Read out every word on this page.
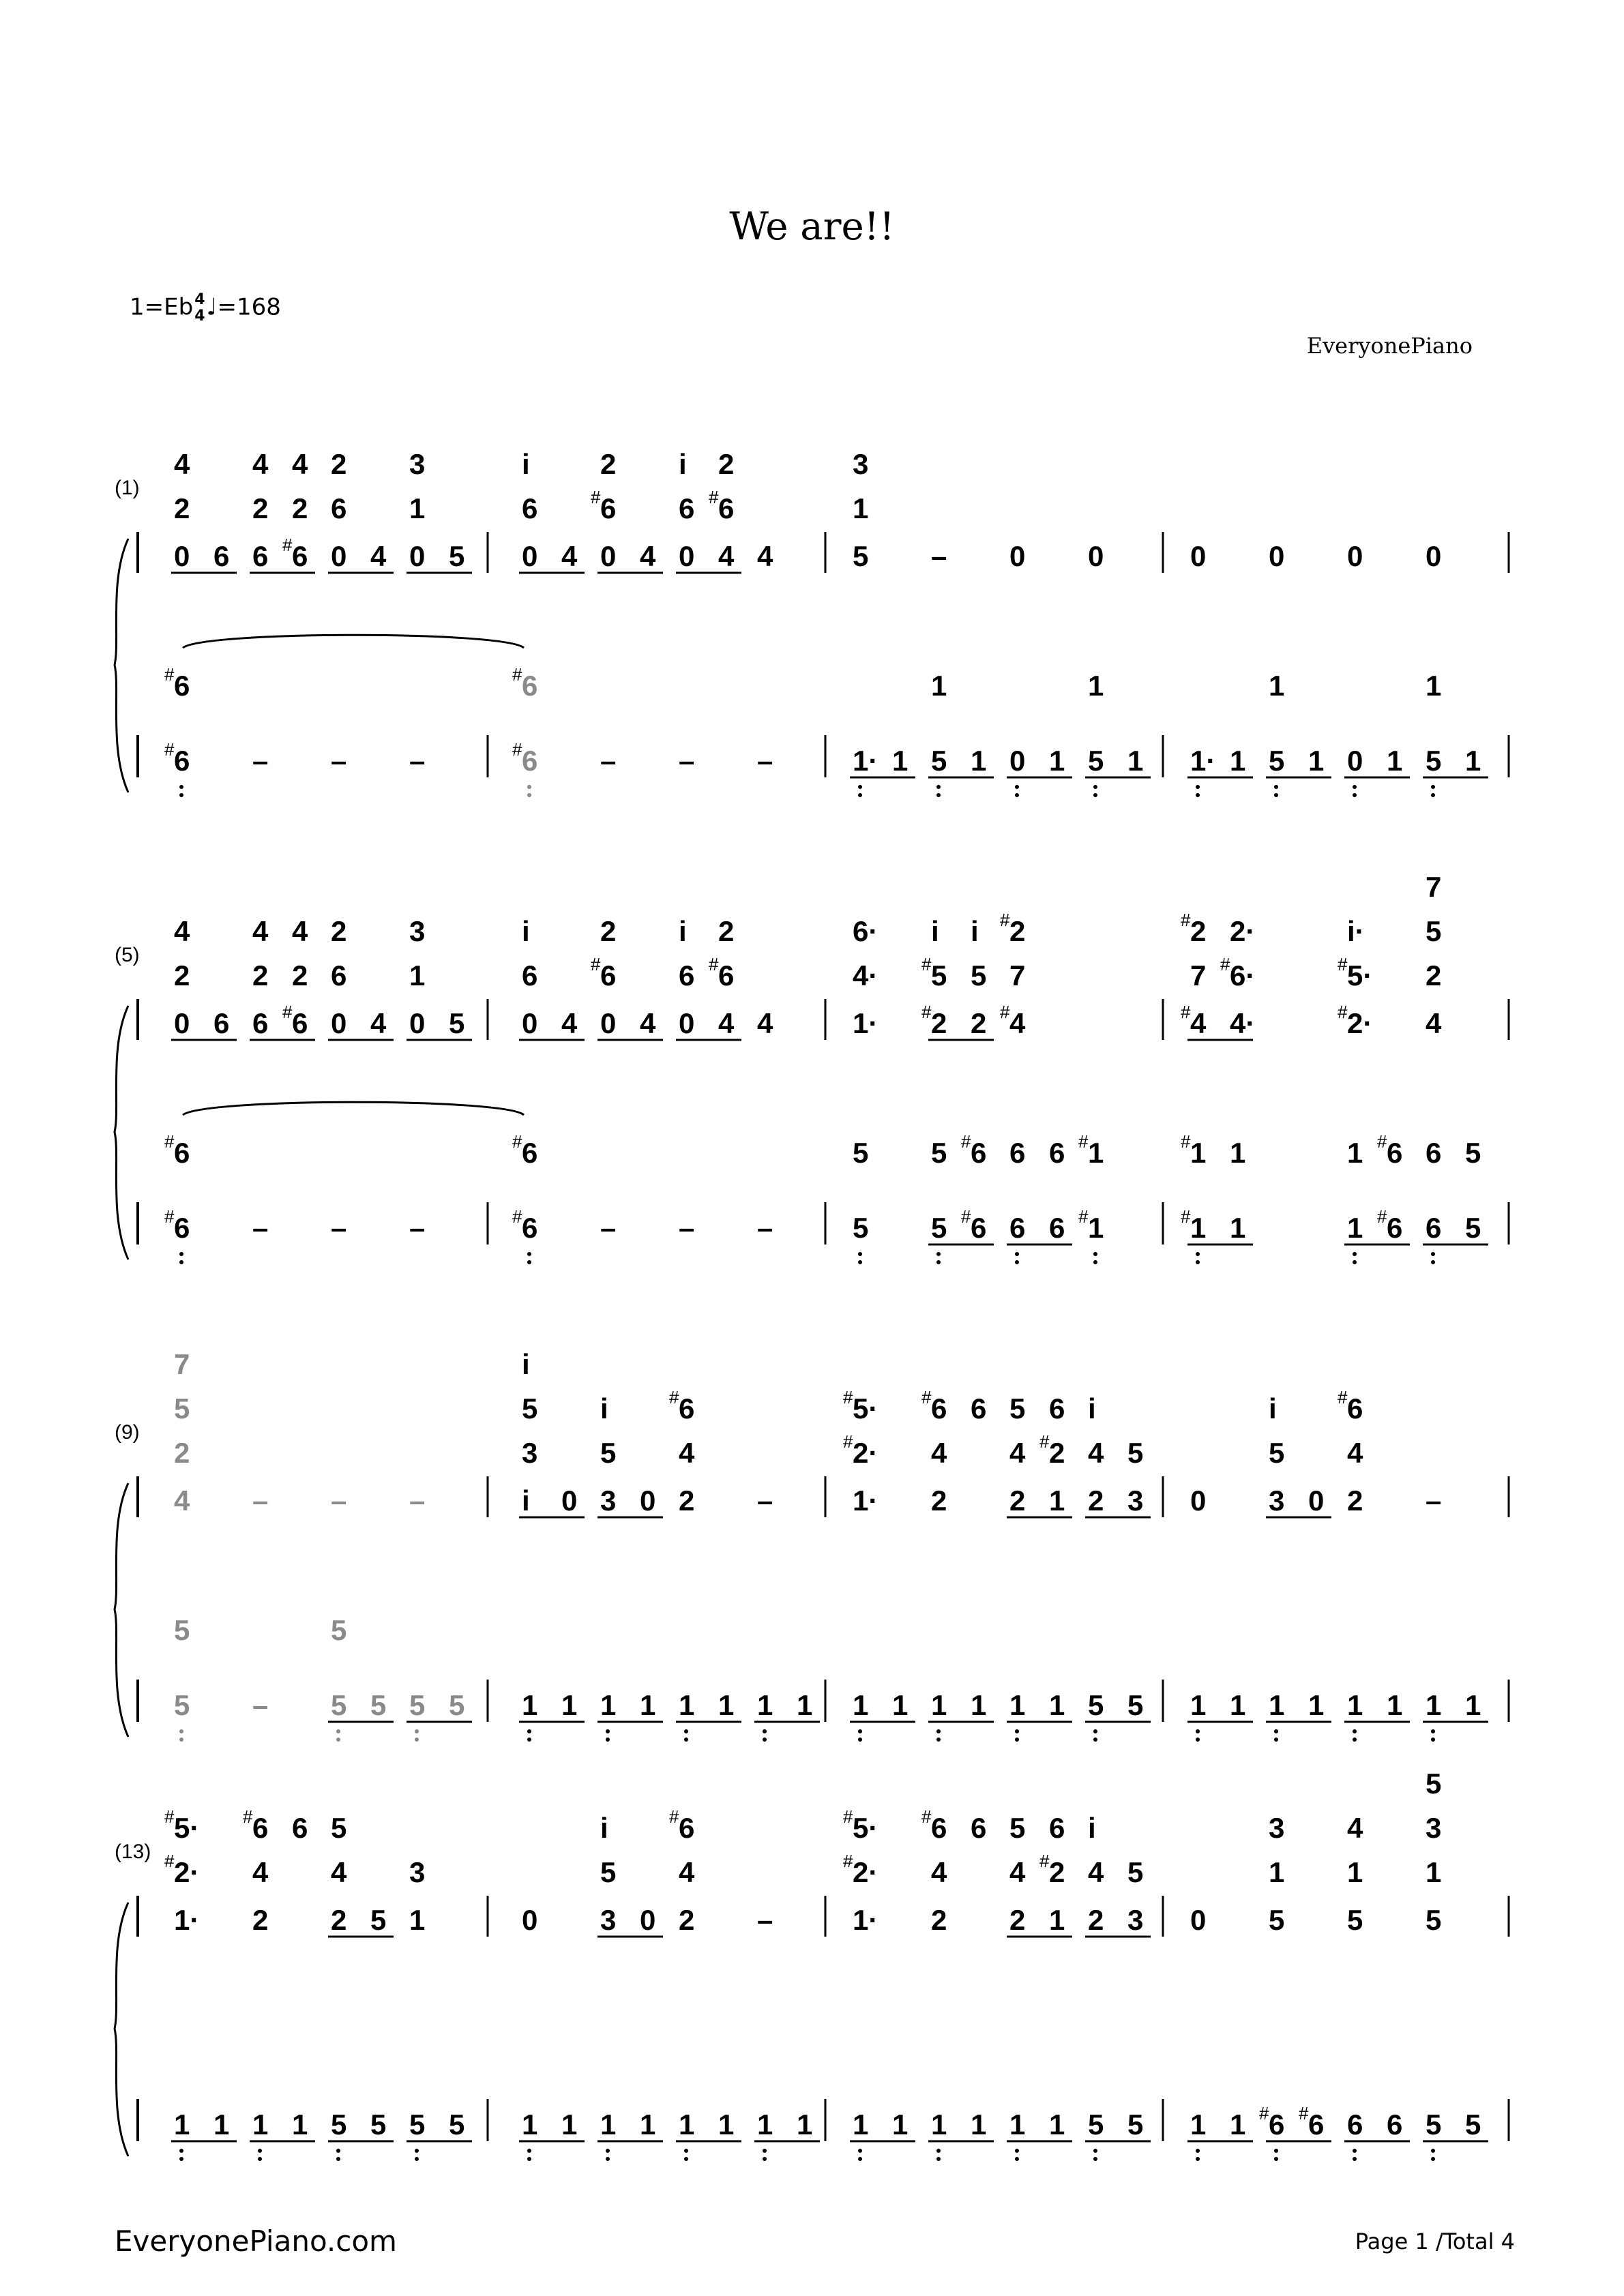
We are!!
1=Eb4
4♩=168
EveryonePiano
(1)
0 6
2
4
# 6
# 6
6 # 6
2 2
4 4
–
0 4
6
2
–
0 5
1
3
–
0 4
6
i
# 6
# 6
0 4
# 6
2
–
0 4
6 # 6
i 2
–
4
–
5
1
3
1· 1
–
5 1
1
0
0 1
0
5 1
1
0
1· 1
0
5 1
1
0
0 1
0
5 1
1
(5)
0 6
2
4
# 6
# 6
6 # 6
2 2
4 4
–
0 4
6
2
–
0 5
1
3
–
0 4
6
i
# 6
# 6
0 4
# 6
2
–
0 4
6 # 6
i 2
–
4
–
1·
4·
6·
5
5
# 2 2
# 5 5
i i
5 # 6
5 # 6
# 4
7
# 2
6 6
6 6
# 1
# 1
# 4 4·
7 # 6·
# 2 2·
# 1 1
# 1 1
# 2·
# 5·
i·
1 # 6
1 # 6
4
2
5
7
6 5
6 5
(9)
4
2
5
7
5
5
–
–
–
5 5
5
–
5 5
i 0
3
5
i
1 1
3 0
5
i
1 1
2
4
# 6
1 1
–
1 1
1·
# 2·
# 5·
1 1
2
4
# 6 6
1 1
2 1
4 # 2
5 6
1 1
2 3
4 5
i
5 5
0
1 1
3 0
5
i
1 1
2
4
# 6
1 1
–
1 1
(13)
1·
# 2·
# 5·
1 1
2
4
# 6 6
1 1
2 5
4
5
5 5
1
3
5 5
0
1 1
3 0
5
i
1 1
2
4
# 6
1 1
–
1 1
1·
# 2·
# 5·
1 1
2
4
# 6 6
1 1
2 1
4 # 2
5 6
1 1
2 3
4 5
i
5 5
0
1 1
5
1
3
# 6 # 6
5
1
4
6 6
5
1
3
5
5 5
EveryonePiano.com	Page 1 /Total 4
